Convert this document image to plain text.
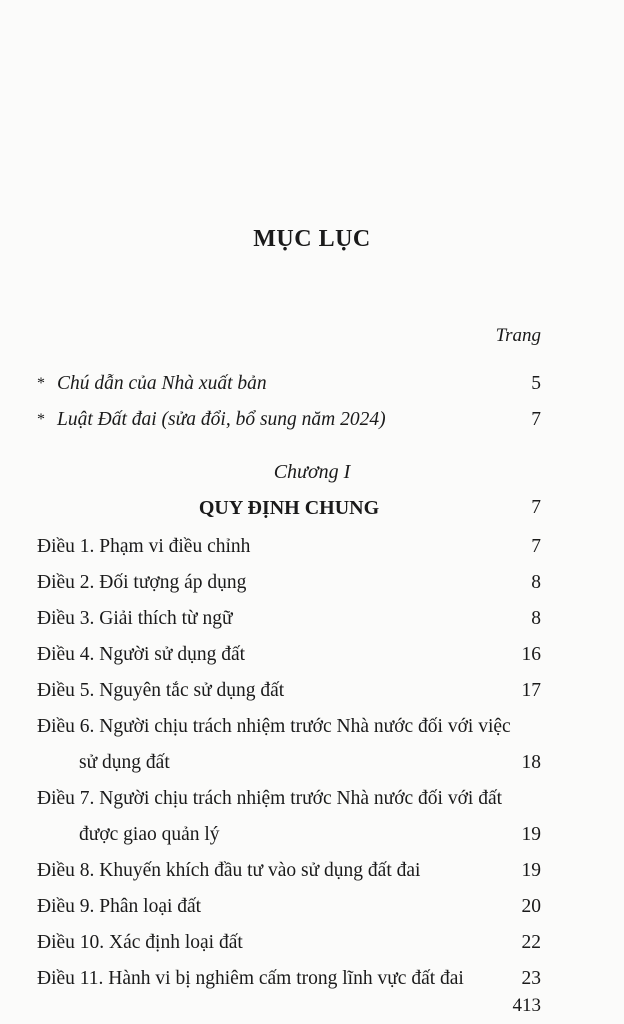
MỤC LỤC
Trang
* Chú dẫn của Nhà xuất bản	5
* Luật Đất đai (sửa đổi, bổ sung năm 2024)	7
Chương I
QUY ĐỊNH CHUNG	7
Điều 1. Phạm vi điều chỉnh	7
Điều 2. Đối tượng áp dụng	8
Điều 3. Giải thích từ ngữ	8
Điều 4. Người sử dụng đất	16
Điều 5. Nguyên tắc sử dụng đất	17
Điều 6. Người chịu trách nhiệm trước Nhà nước đối với việc
sử dụng đất	18
Điều 7. Người chịu trách nhiệm trước Nhà nước đối với đất
được giao quản lý	19
Điều 8. Khuyến khích đầu tư vào sử dụng đất đai	19
Điều 9. Phân loại đất	20
Điều 10. Xác định loại đất	22
Điều 11. Hành vi bị nghiêm cấm trong lĩnh vực đất đai	23
413
